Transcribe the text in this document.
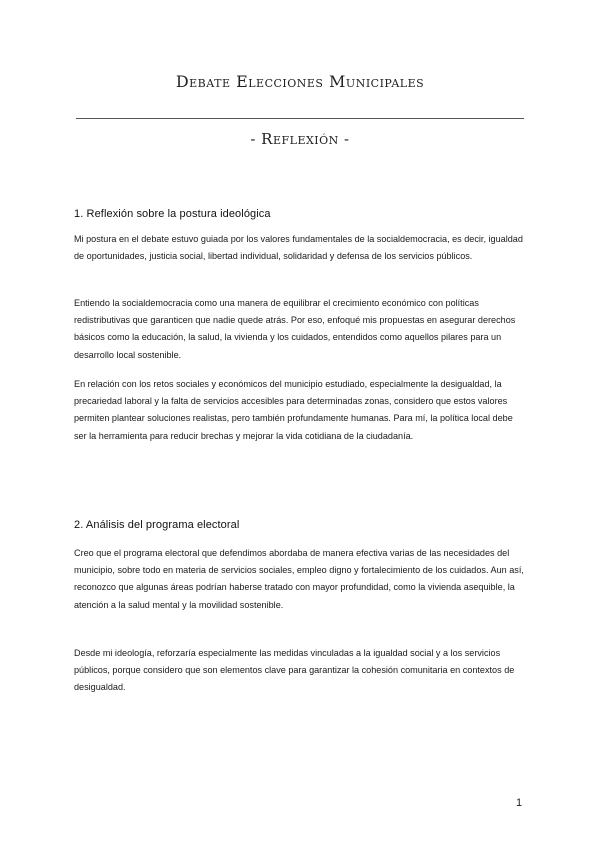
Debate Elecciones Municipales
- Reflexión -
1. Reflexión sobre la postura ideológica

Mi postura en el debate estuvo guiada por los valores fundamentales de la socialdemocracia, es decir, igualdad de oportunidades, justicia social, libertad individual, solidaridad y defensa de los servicios públicos.

Entiendo la socialdemocracia como una manera de equilibrar el crecimiento económico con políticas redistributivas que garanticen que nadie quede atrás. Por eso, enfoqué mis propuestas en asegurar derechos básicos como la educación, la salud, la vivienda y los cuidados, entendidos como aquellos pilares para un desarrollo local sostenible.

En relación con los retos sociales y económicos del municipio estudiado, especialmente la desigualdad, la precariedad laboral y la falta de servicios accesibles para determinadas zonas, considero que estos valores permiten plantear soluciones realistas, pero también profundamente humanas. Para mí, la política local debe ser la herramienta para reducir brechas y mejorar la vida cotidiana de la ciudadanía.

2. Análisis del programa electoral

Creo que el programa electoral que defendimos abordaba de manera efectiva varias de las necesidades del municipio, sobre todo en materia de servicios sociales, empleo digno y fortalecimiento de los cuidados. Aun así, reconozco que algunas áreas podrían haberse tratado con mayor profundidad, como la vivienda asequible, la atención a la salud mental y la movilidad sostenible.

Desde mi ideología, reforzaría especialmente las medidas vinculadas a la igualdad social y a los servicios públicos, porque considero que son elementos clave para garantizar la cohesión comunitaria en contextos de desigualdad.

1
